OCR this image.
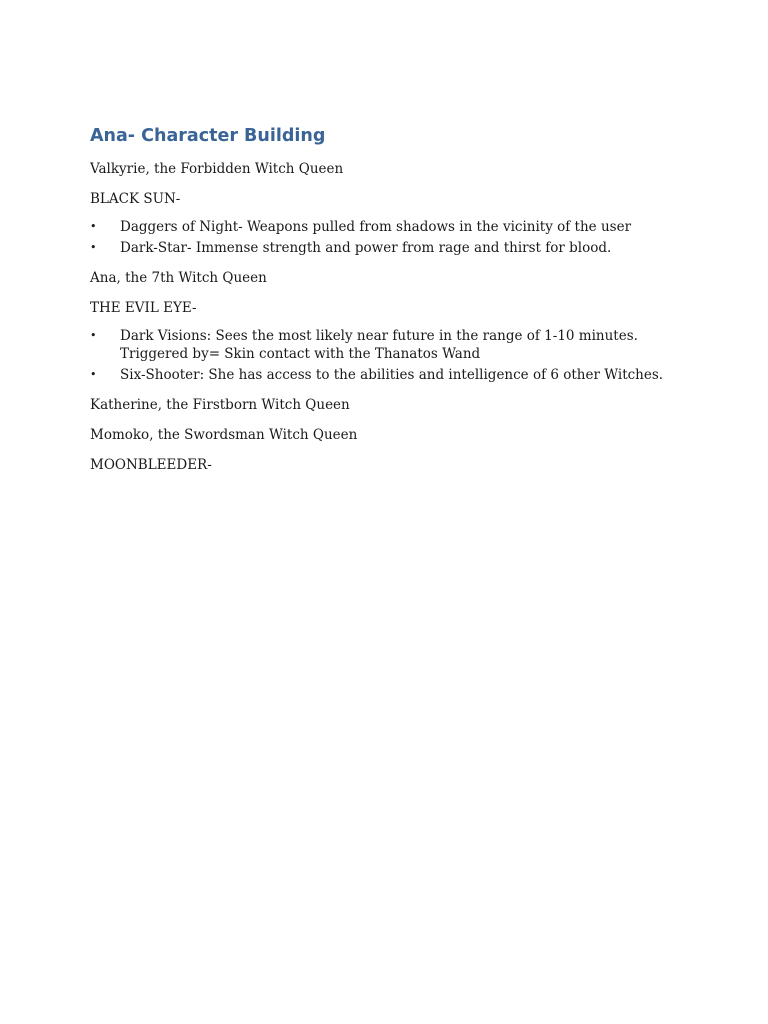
Ana- Character Building

Valkyrie, the Forbidden Witch Queen

BLACK SUN-

•	Daggers of Night- Weapons pulled from shadows in the vicinity of the user
•	Dark-Star- Immense strength and power from rage and thirst for blood.

Ana, the 7th Witch Queen

THE EVIL EYE-

•	Dark Visions: Sees the most likely near future in the range of 1-10 minutes. Triggered by= Skin contact with the Thanatos Wand
•	Six-Shooter: She has access to the abilities and intelligence of 6 other Witches.

Katherine, the Firstborn Witch Queen

Momoko, the Swordsman Witch Queen

MOONBLEEDER-
